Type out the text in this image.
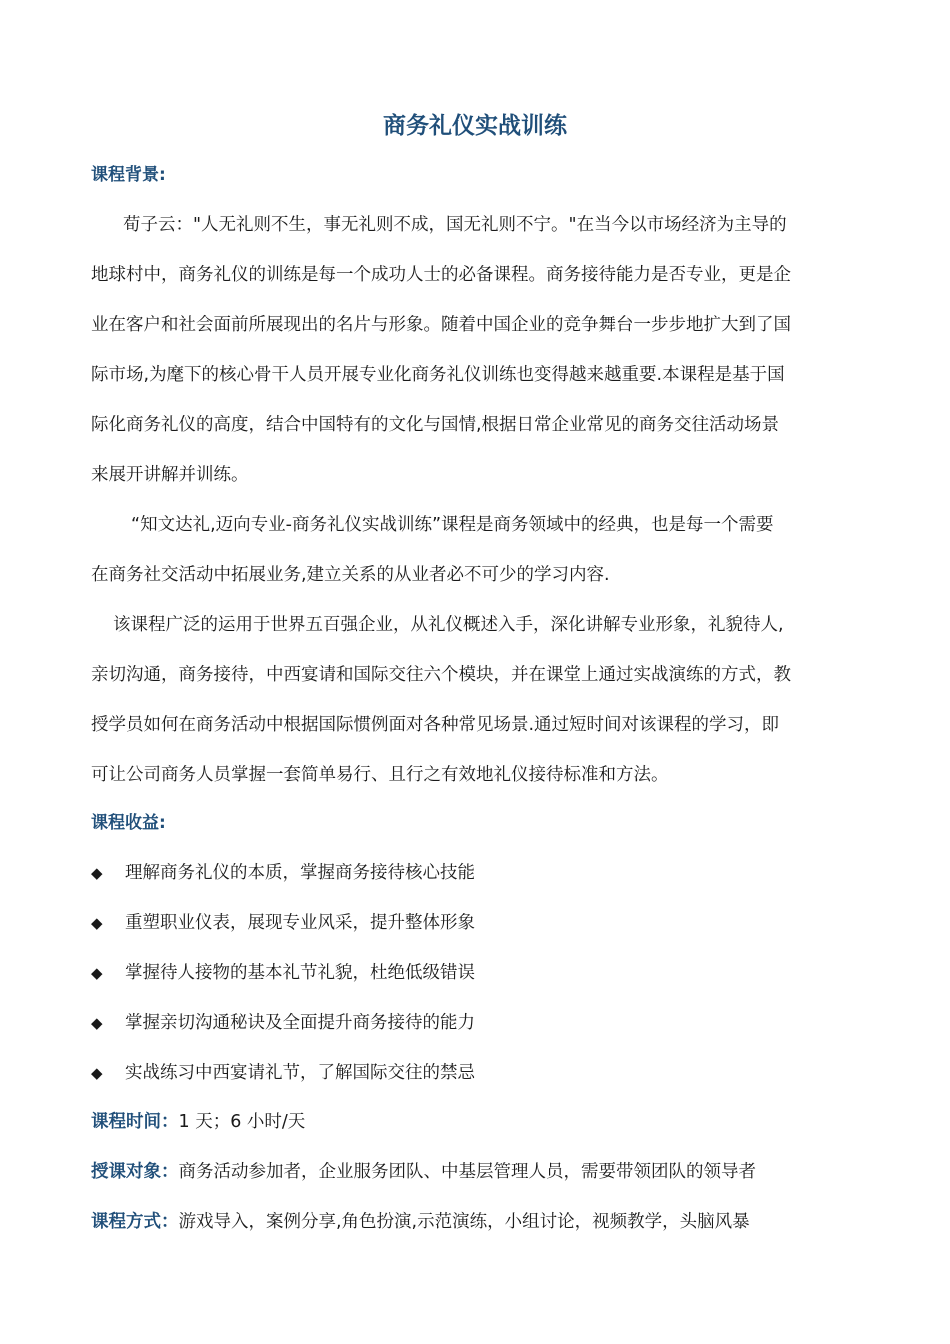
商务礼仪实战训练
课程背景:
荀子云："人无礼则不生，事无礼则不成，国无礼则不宁。"在当今以市场经济为主导的
地球村中，商务礼仪的训练是每一个成功人士的必备课程。商务接待能力是否专业，更是企
业在客户和社会面前所展现出的名片与形象。随着中国企业的竞争舞台一步步地扩大到了国
际市场,为麾下的核心骨干人员开展专业化商务礼仪训练也变得越来越重要.本课程是基于国
际化商务礼仪的高度，结合中国特有的文化与国情,根据日常企业常见的商务交往活动场景
来展开讲解并训练。
“知文达礼,迈向专业-商务礼仪实战训练”课程是商务领域中的经典，也是每一个需要
在商务社交活动中拓展业务,建立关系的从业者必不可少的学习内容.
该课程广泛的运用于世界五百强企业，从礼仪概述入手，深化讲解专业形象，礼貌待人,
亲切沟通，商务接待，中西宴请和国际交往六个模块，并在课堂上通过实战演练的方式，教
授学员如何在商务活动中根据国际惯例面对各种常见场景.通过短时间对该课程的学习，即
可让公司商务人员掌握一套简单易行、且行之有效地礼仪接待标准和方法。
课程收益:
◆ 理解商务礼仪的本质，掌握商务接待核心技能
◆ 重塑职业仪表，展现专业风采，提升整体形象
◆ 掌握待人接物的基本礼节礼貌，杜绝低级错误
◆ 掌握亲切沟通秘诀及全面提升商务接待的能力
◆ 实战练习中西宴请礼节，了解国际交往的禁忌
课程时间：1 天；6 小时/天
授课对象：商务活动参加者，企业服务团队、中基层管理人员，需要带领团队的领导者
课程方式：游戏导入，案例分享,角色扮演,示范演练，小组讨论，视频教学，头脑风暴
